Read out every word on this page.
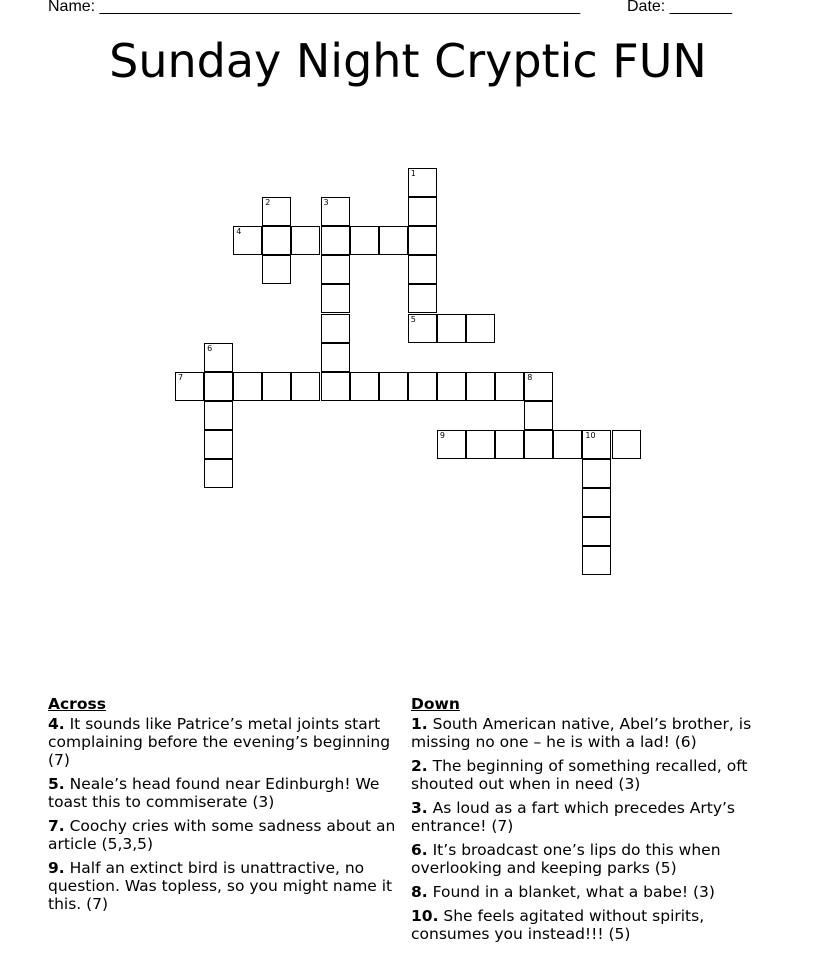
Name: ______________________________________________________	Date: _______
Sunday Night Cryptic FUN
1
5
2	3
4
6
7	8
9	10
Across
4. It sounds like Patrice’s metal joints start complaining before the evening’s beginning (7)
5. Neale’s head found near Edinburgh! We toast this to commiserate (3)
7. Coochy cries with some sadness about an article (5,3,5)
9. Half an extinct bird is unattractive, no question. Was topless, so you might name it this. (7)
Down
1. South American native, Abel’s brother, is missing no one – he is with a lad! (6)
2. The beginning of something recalled, oft shouted out when in need (3)
3. As loud as a fart which precedes Arty’s entrance! (7)
6. It’s broadcast one’s lips do this when overlooking and keeping parks (5)
8. Found in a blanket, what a babe! (3)
10. She feels agitated without spirits, consumes you instead!!! (5)
